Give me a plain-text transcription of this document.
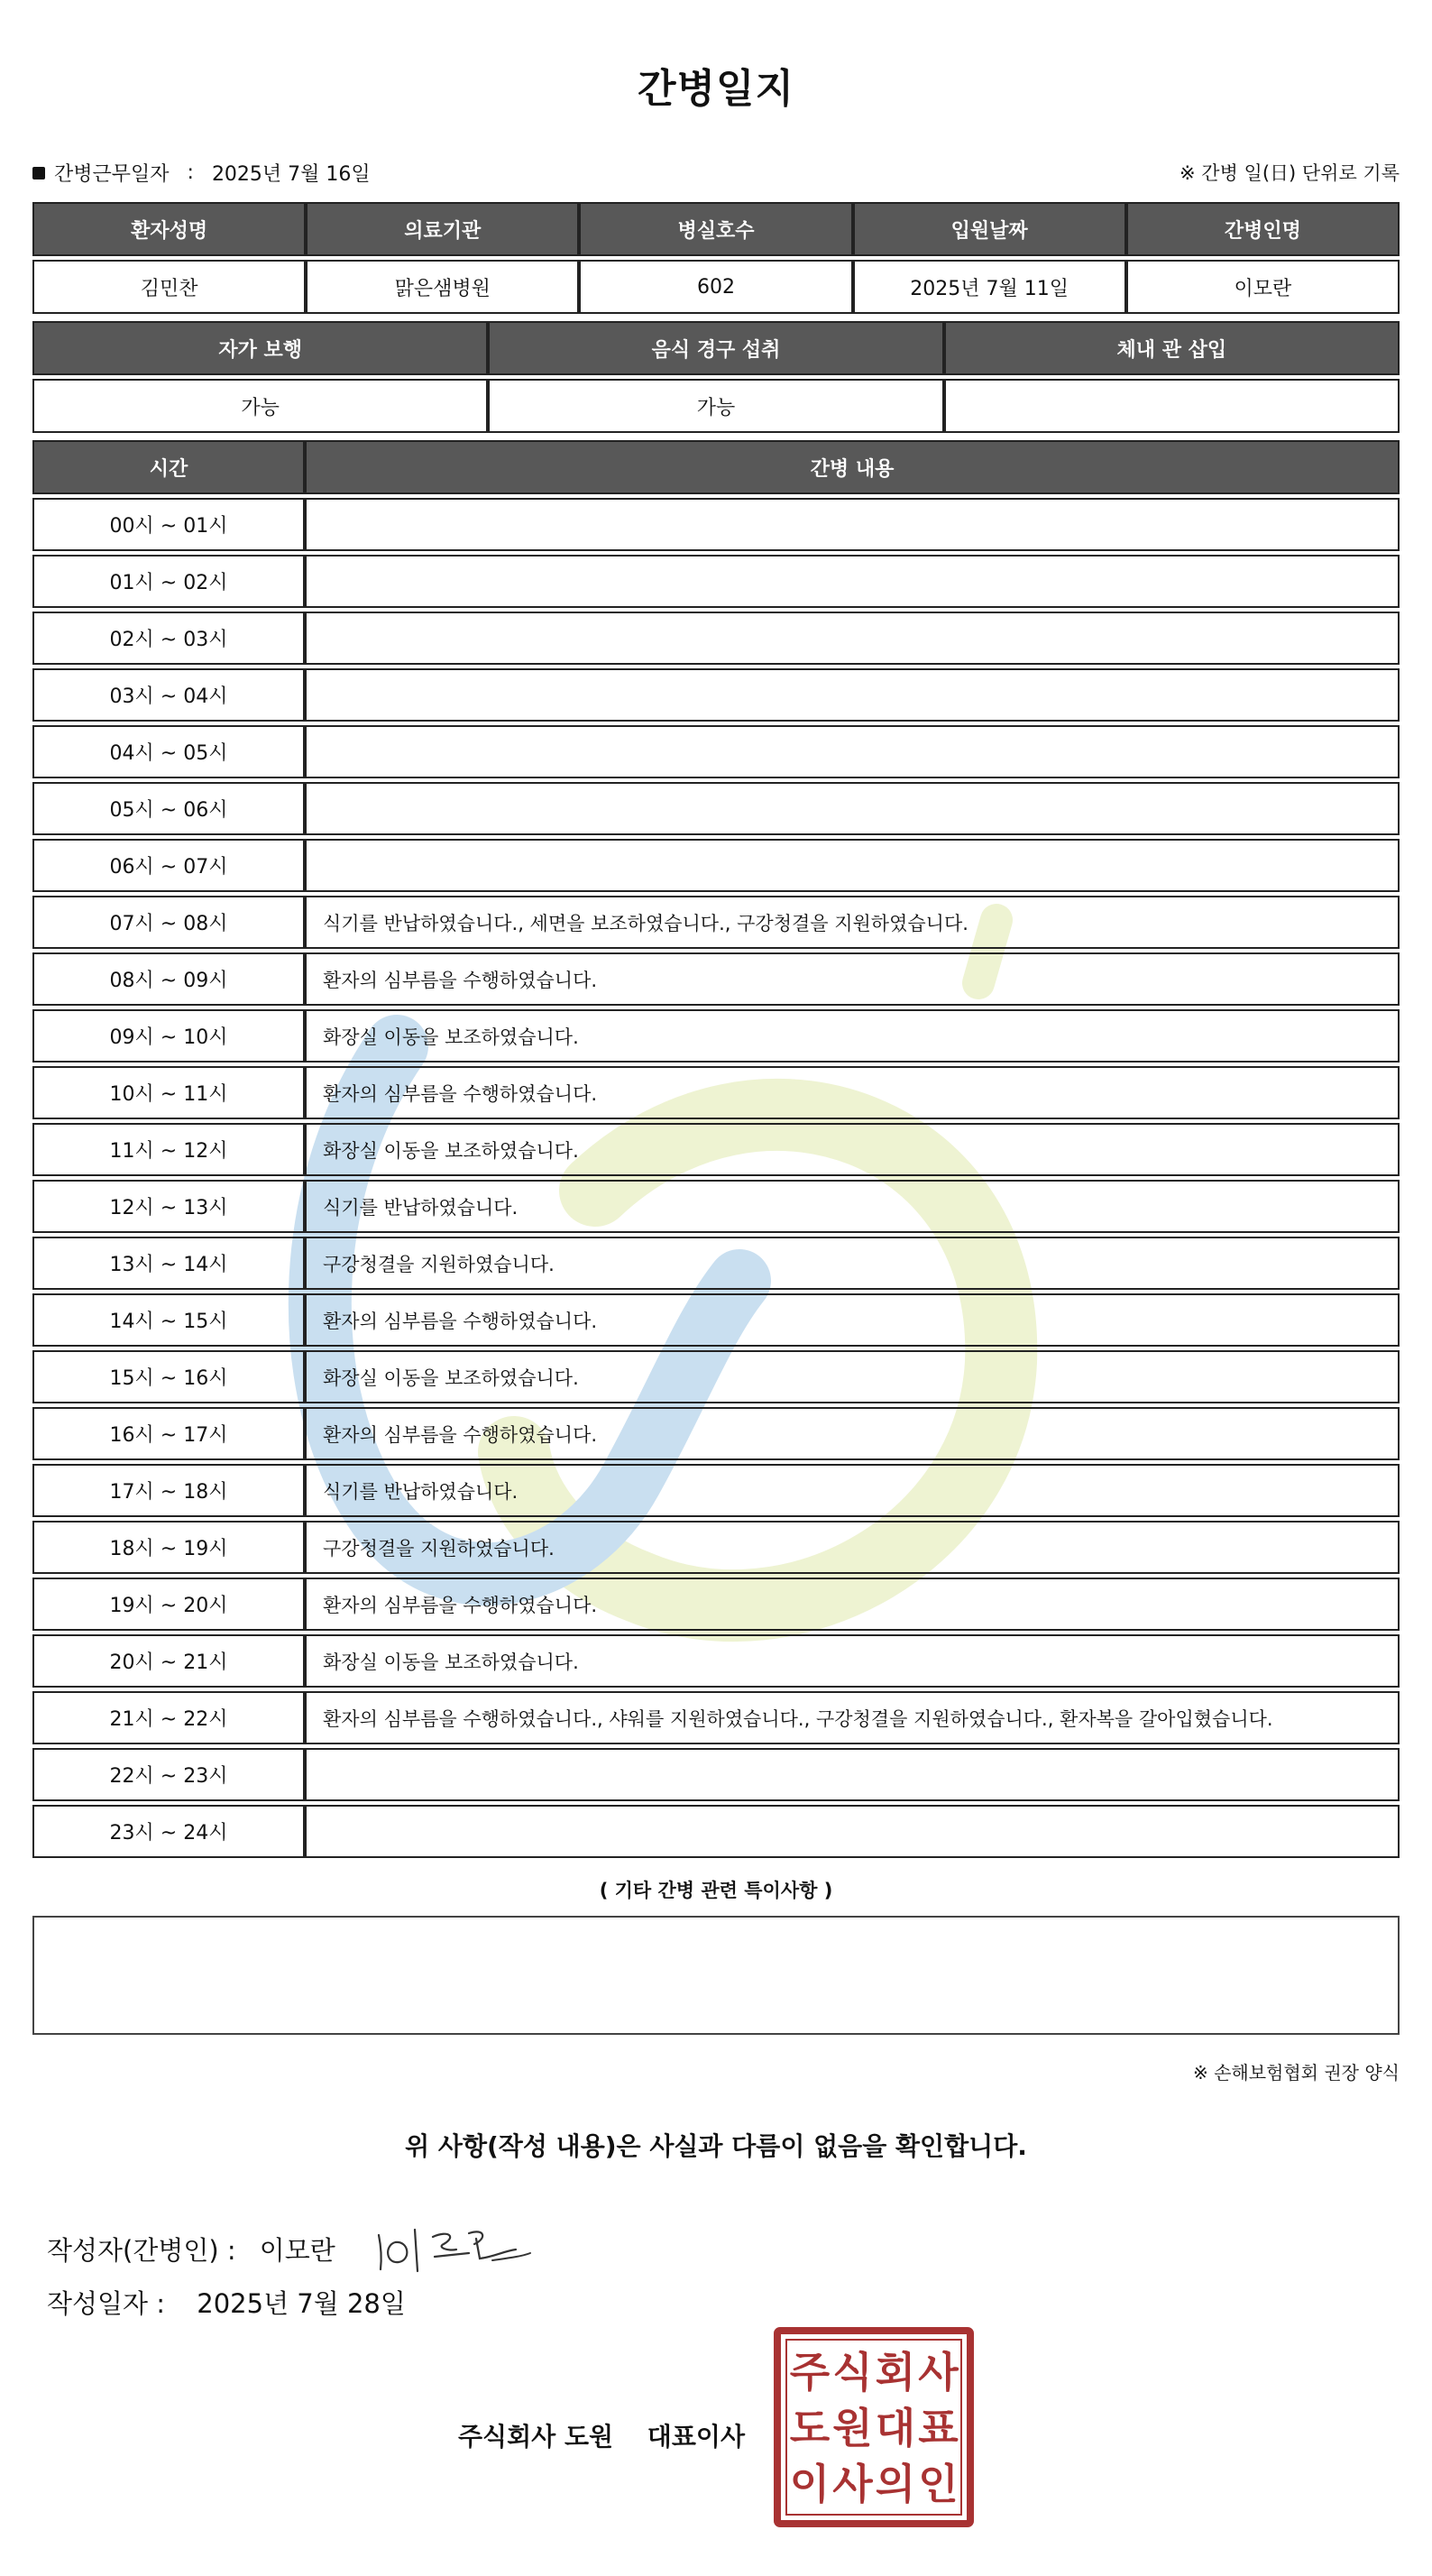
간병일지
간병근무일자 : 2025년 7월 16일	※ 간병 일(日) 단위로 기록
환자성명	의료기관	병실호수	입원날짜	간병인명
김민찬	맑은샘병원	602	2025년 7월 11일	이모란
자가 보행	음식 경구 섭취	체내 관 삽입
가능	가능	
시간	간병 내용
00시 ~ 01시	
01시 ~ 02시	
02시 ~ 03시	
03시 ~ 04시	
04시 ~ 05시	
05시 ~ 06시	
06시 ~ 07시	
07시 ~ 08시	식기를 반납하였습니다., 세면을 보조하였습니다., 구강청결을 지원하였습니다.
08시 ~ 09시	환자의 심부름을 수행하였습니다.
09시 ~ 10시	화장실 이동을 보조하였습니다.
10시 ~ 11시	환자의 심부름을 수행하였습니다.
11시 ~ 12시	화장실 이동을 보조하였습니다.
12시 ~ 13시	식기를 반납하였습니다.
13시 ~ 14시	구강청결을 지원하였습니다.
14시 ~ 15시	환자의 심부름을 수행하였습니다.
15시 ~ 16시	화장실 이동을 보조하였습니다.
16시 ~ 17시	환자의 심부름을 수행하였습니다.
17시 ~ 18시	식기를 반납하였습니다.
18시 ~ 19시	구강청결을 지원하였습니다.
19시 ~ 20시	환자의 심부름을 수행하였습니다.
20시 ~ 21시	화장실 이동을 보조하였습니다.
21시 ~ 22시	환자의 심부름을 수행하였습니다., 샤워를 지원하였습니다., 구강청결을 지원하였습니다., 환자복을 갈아입혔습니다.
22시 ~ 23시	
23시 ~ 24시	
( 기타 간병 관련 특이사항 )
※ 손해보험협회 권장 양식
위 사항(작성 내용)은 사실과 다름이 없음을 확인합니다.
작성자(간병인) : 이모란
작성일자 : 2025년 7월 28일
주식회사 도원 대표이사
주 식 회 사
도 원 대 표
이 사 의 인
